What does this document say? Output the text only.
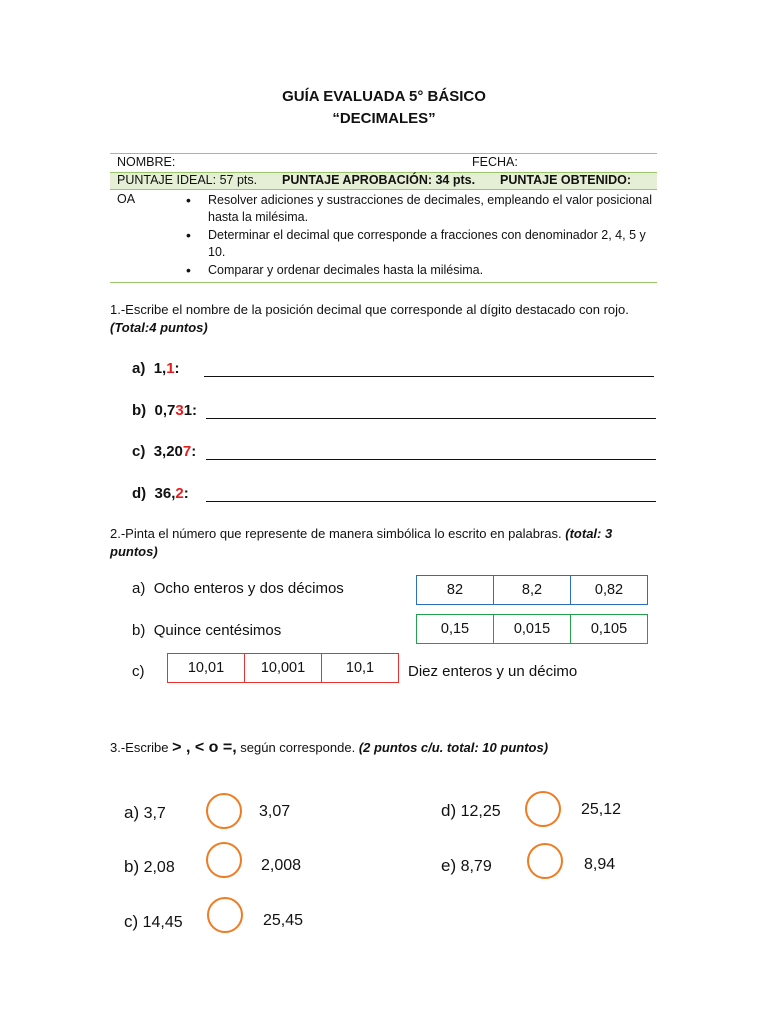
GUÍA EVALUADA 5° BÁSICO
“DECIMALES”
NOMBRE:	FECHA:
PUNTAJE IDEAL: 57 pts. PUNTAJE APROBACIÓN: 34 pts. PUNTAJE OBTENIDO:
OA
•	Resolver adiciones y sustracciones de decimales, empleando el valor posicional hasta la milésima.
• Determinar el decimal que corresponde a fracciones con denominador 2, 4, 5 y 10.
• Comparar y ordenar decimales hasta la milésima.
1.-Escribe el nombre de la posición decimal que corresponde al dígito destacado con rojo. (Total:4 puntos)
a) 1,1:
b) 0,731:
c) 3,207:
d) 36,2:
2.-Pinta el número que represente de manera simbólica lo escrito en palabras. (total: 3 puntos)
a) Ocho enteros y dos décimos	82	8,2	0,82
b) Quince centésimos	0,15	0,015	0,105
c)	10,01	10,001	10,1	Diez enteros y un décimo
3.-Escribe > , < o =, según corresponde. (2 puntos c/u. total: 10 puntos)
a) 3,7	3,07
b) 2,08	2,008
c) 14,45	25,45
d) 12,25	25,12
e) 8,79	8,94
